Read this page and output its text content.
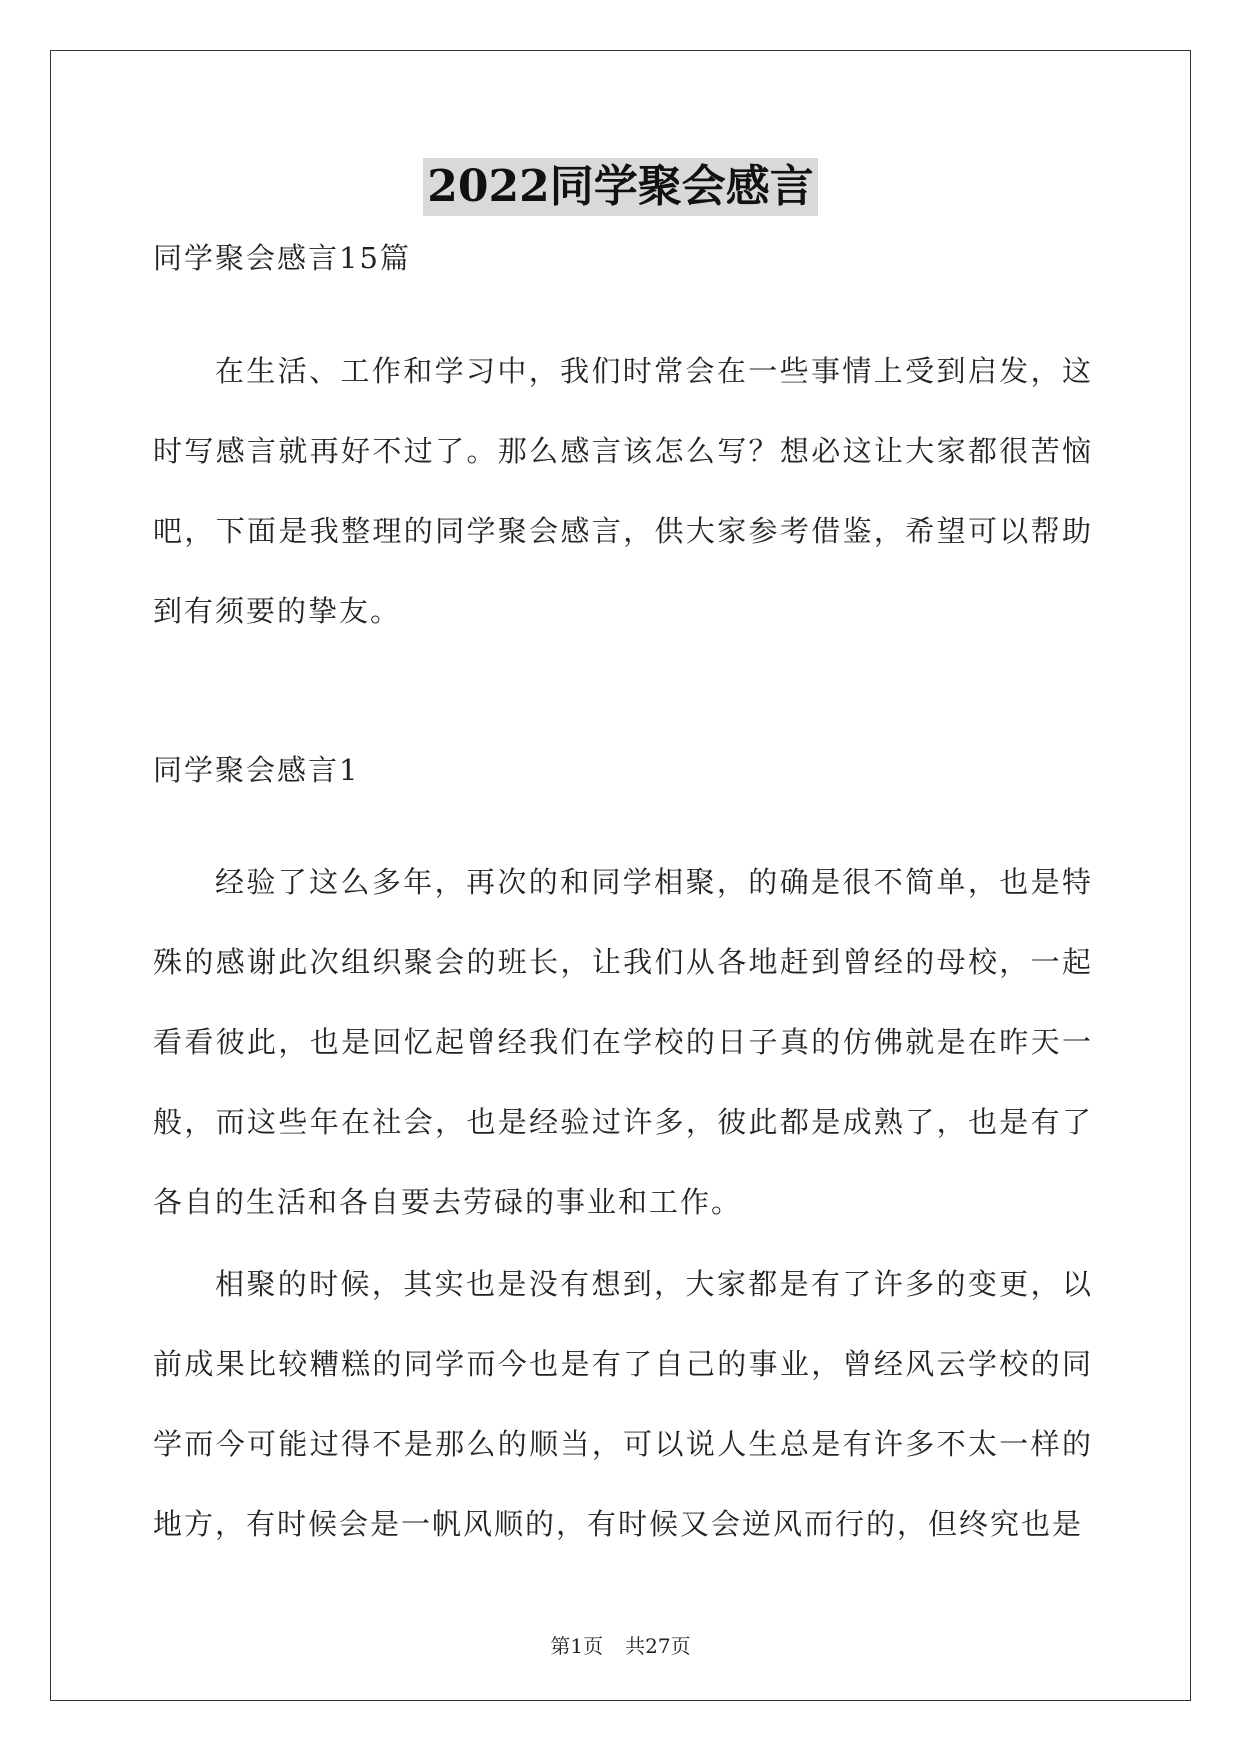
2022同学聚会感言
同学聚会感言15篇
在生活、工作和学习中，我们时常会在一些事情上受到启发，这时写感言就再好不过了。那么感言该怎么写？想必这让大家都很苦恼吧，下面是我整理的同学聚会感言，供大家参考借鉴，希望可以帮助到有须要的挚友。
同学聚会感言1
经验了这么多年，再次的和同学相聚，的确是很不简单，也是特殊的感谢此次组织聚会的班长，让我们从各地赶到曾经的母校，一起看看彼此，也是回忆起曾经我们在学校的日子真的仿佛就是在昨天一般，而这些年在社会，也是经验过许多，彼此都是成熟了，也是有了各自的生活和各自要去劳碌的事业和工作。
相聚的时候，其实也是没有想到，大家都是有了许多的变更，以前成果比较糟糕的同学而今也是有了自己的事业，曾经风云学校的同学而今可能过得不是那么的顺当，可以说人生总是有许多不太一样的地方，有时候会是一帆风顺的，有时候又会逆风而行的，但终究也是
第1页 共27页
